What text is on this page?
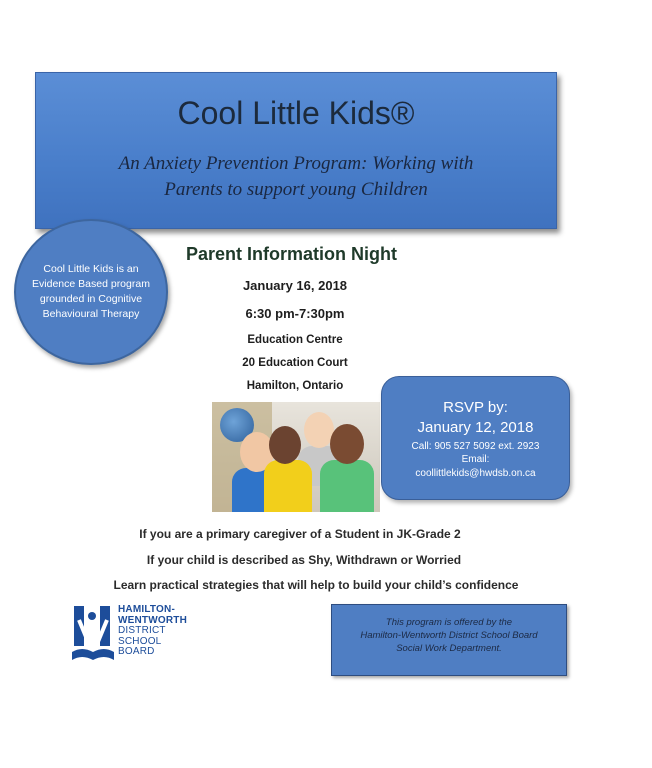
Cool Little Kids®
An Anxiety Prevention Program: Working with
Parents to support young Children
Cool Little Kids is an Evidence Based program grounded in Cognitive Behavioural Therapy
Parent Information Night
January 16, 2018
6:30 pm-7:30pm
Education Centre
20 Education Court
Hamilton, Ontario
RSVP by:
January 12, 2018
Call: 905 527 5092 ext. 2923
Email:
coollittlekids@hwdsb.on.ca
If you are a primary caregiver of a Student in JK-Grade 2
If your child is described as Shy, Withdrawn or Worried
Learn practical strategies that will help to build your child’s confidence
HAMILTON-
WENTWORTH
DISTRICT
SCHOOL
BOARD
This program is offered by the
Hamilton-Wentworth District School Board
Social Work Department.
